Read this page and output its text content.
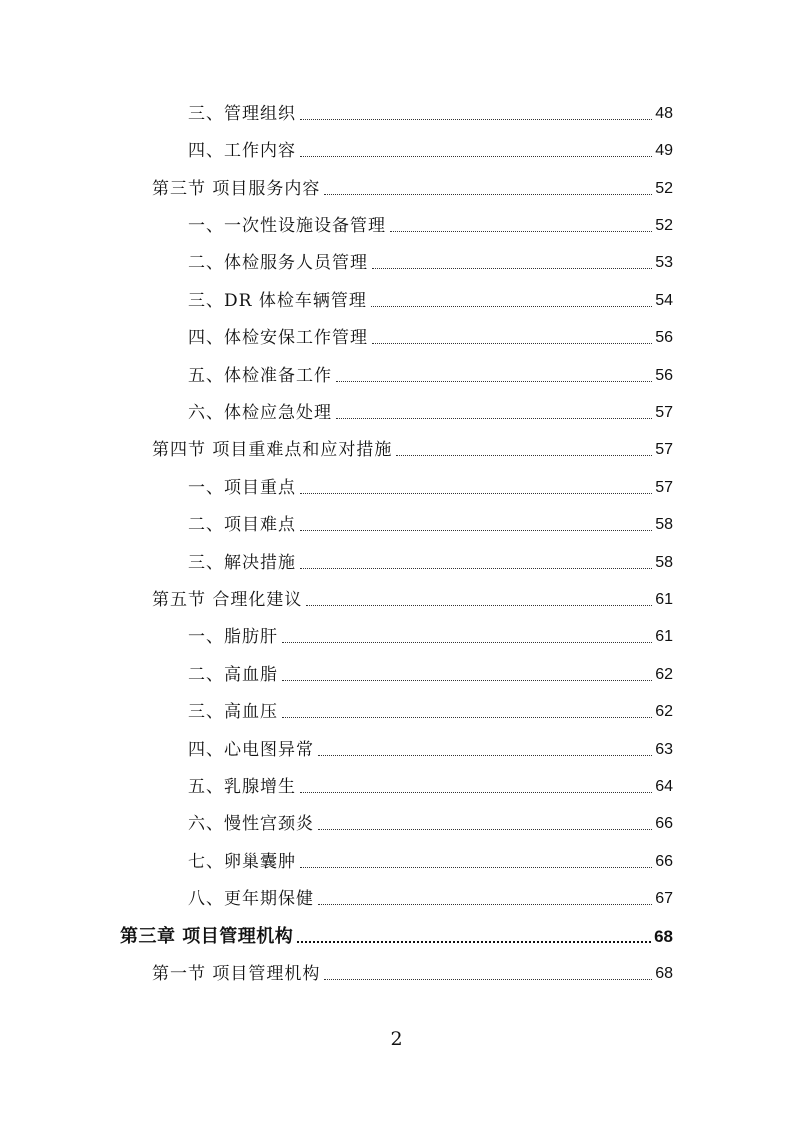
三、管理组织	48
四、工作内容	49
第三节 项目服务内容	52
一、一次性设施设备管理	52
二、体检服务人员管理	53
三、DR 体检车辆管理	54
四、体检安保工作管理	56
五、体检准备工作	56
六、体检应急处理	57
第四节 项目重难点和应对措施	57
一、项目重点	57
二、项目难点	58
三、解决措施	58
第五节 合理化建议	61
一、脂肪肝	61
二、高血脂	62
三、高血压	62
四、心电图异常	63
五、乳腺增生	64
六、慢性宫颈炎	66
七、卵巢囊肿	66
八、更年期保健	67
第三章 项目管理机构	68
第一节 项目管理机构	68
2
